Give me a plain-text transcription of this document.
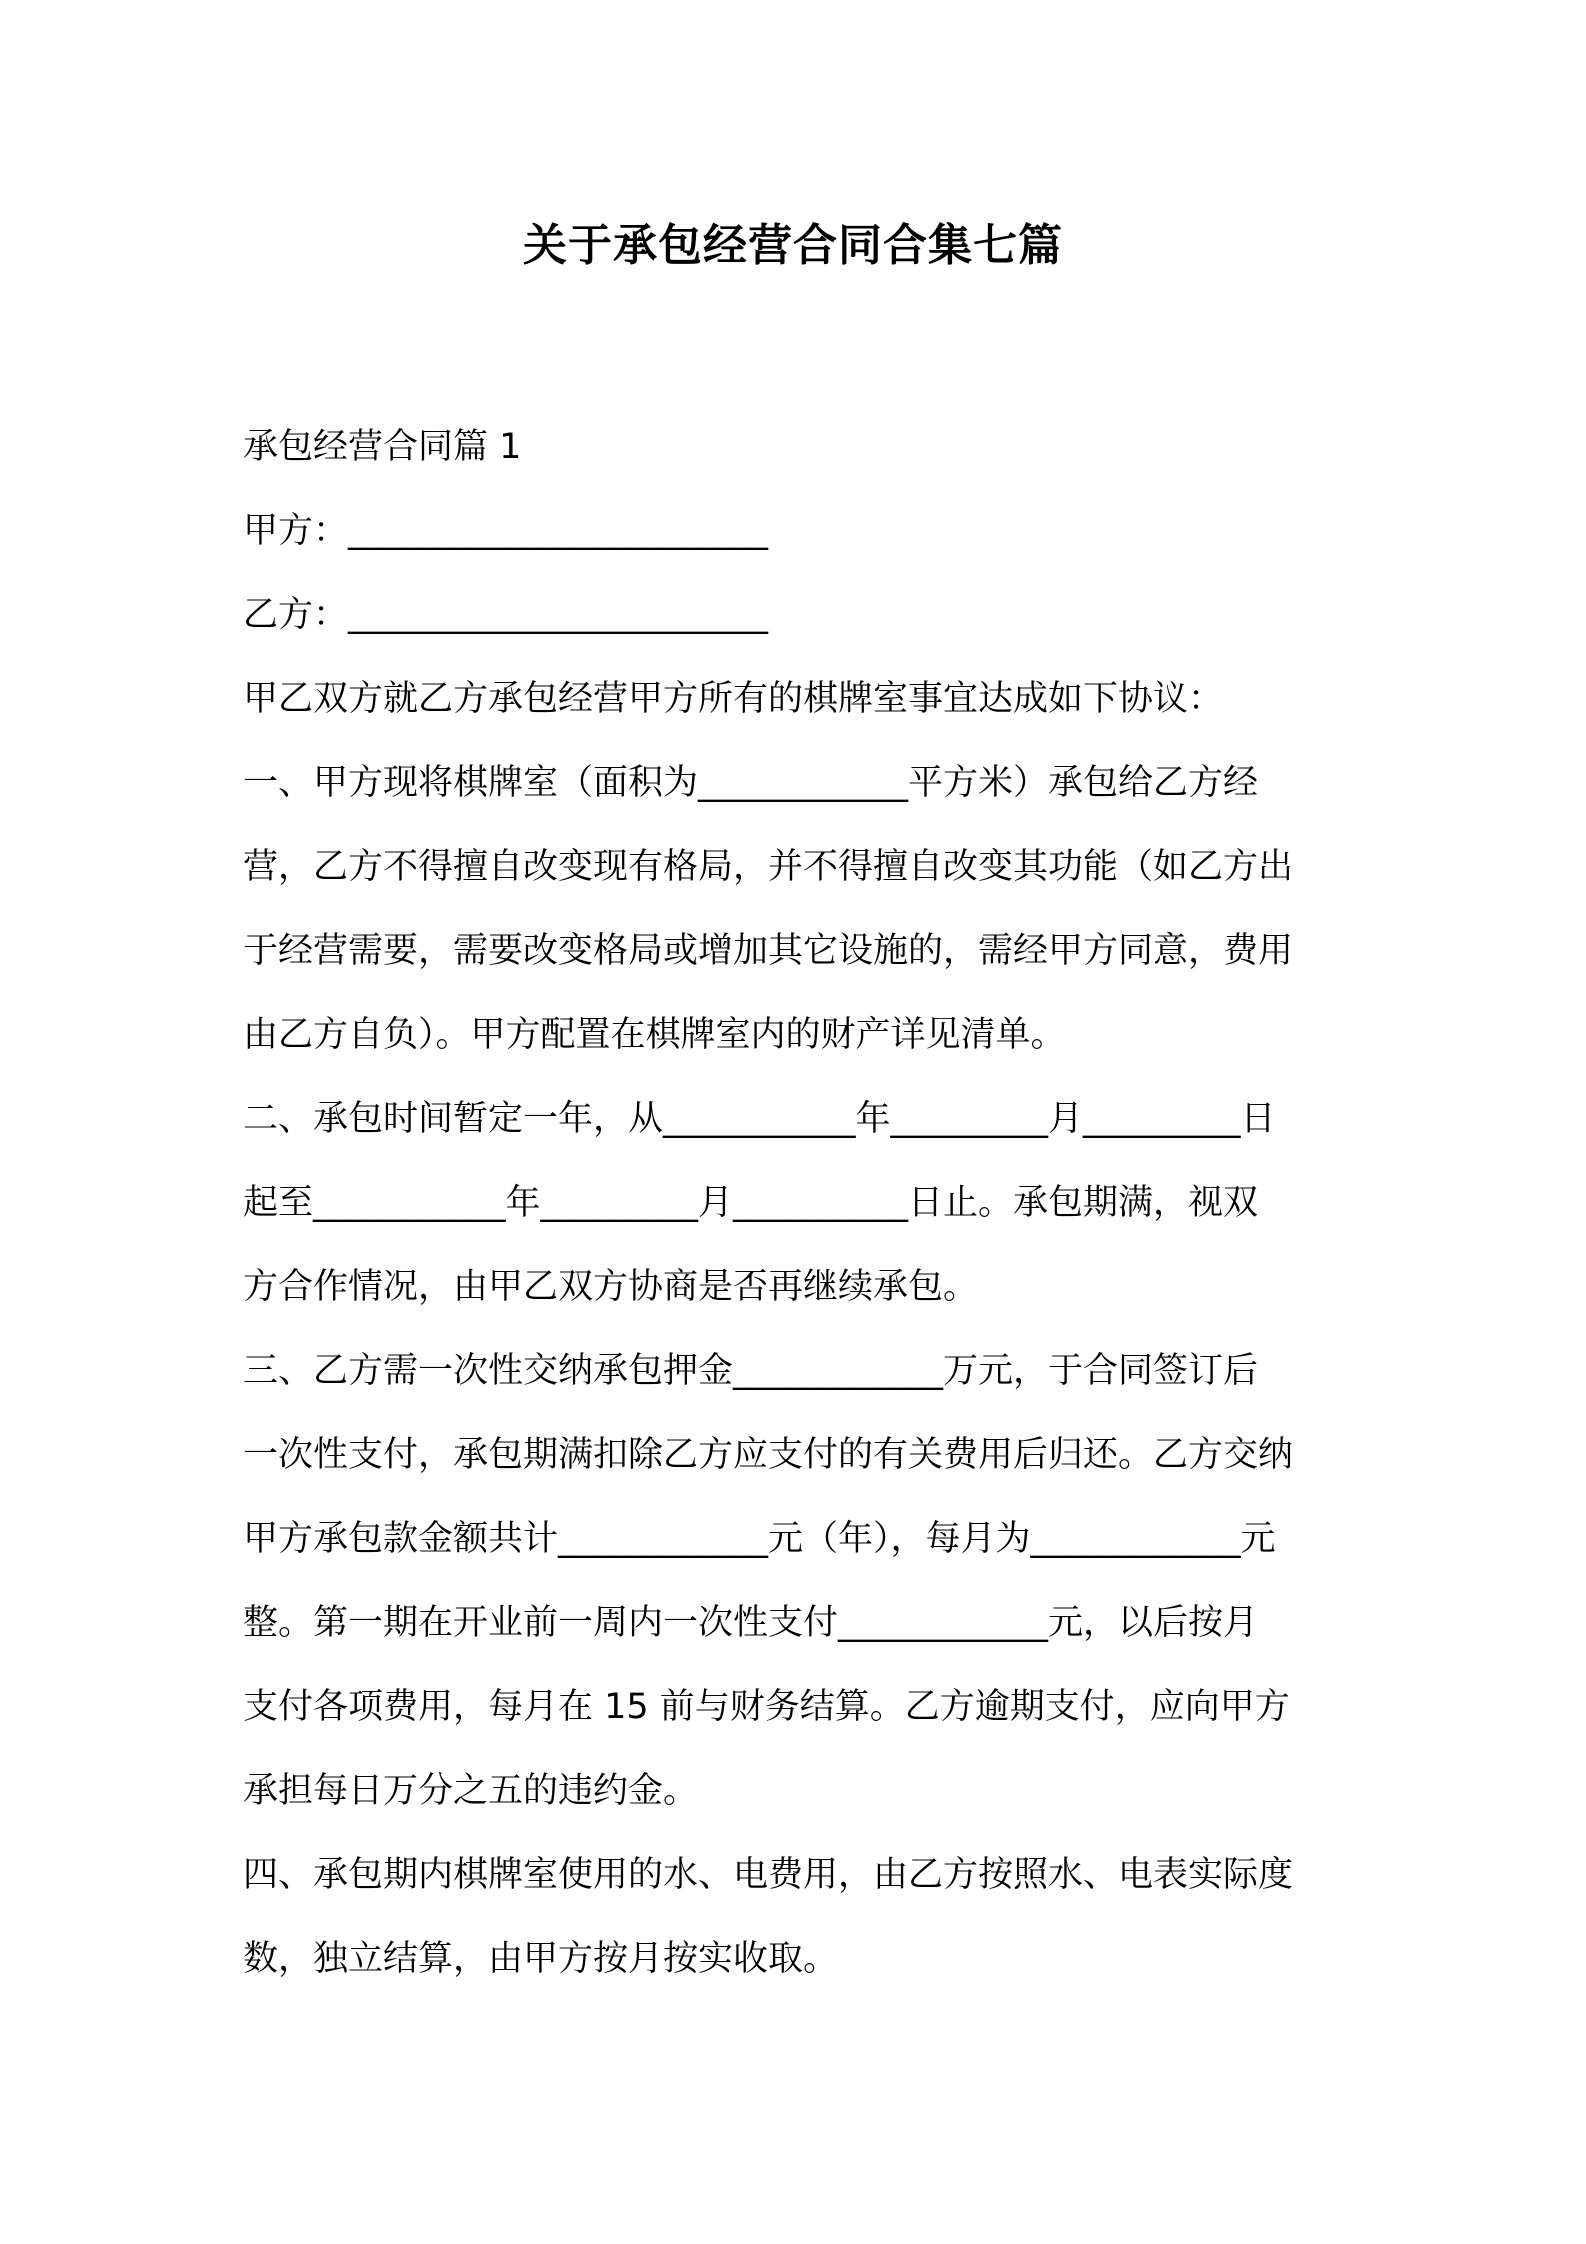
关于承包经营合同合集七篇
承包经营合同篇 1
甲方：________________________
乙方：________________________
甲乙双方就乙方承包经营甲方所有的棋牌室事宜达成如下协议：
一、甲方现将棋牌室（面积为____________平方米）承包给乙方经
营，乙方不得擅自改变现有格局，并不得擅自改变其功能（如乙方出
于经营需要，需要改变格局或增加其它设施的，需经甲方同意，费用
由乙方自负）。甲方配置在棋牌室内的财产详见清单。
二、承包时间暂定一年，从___________年_________月_________日
起至___________年_________月__________日止。承包期满，视双
方合作情况，由甲乙双方协商是否再继续承包。
三、乙方需一次性交纳承包押金____________万元，于合同签订后
一次性支付，承包期满扣除乙方应支付的有关费用后归还。乙方交纳
甲方承包款金额共计____________元（年），每月为____________元
整。第一期在开业前一周内一次性支付____________元，以后按月
支付各项费用，每月在 15 前与财务结算。乙方逾期支付，应向甲方
承担每日万分之五的违约金。
四、承包期内棋牌室使用的水、电费用，由乙方按照水、电表实际度
数，独立结算，由甲方按月按实收取。
